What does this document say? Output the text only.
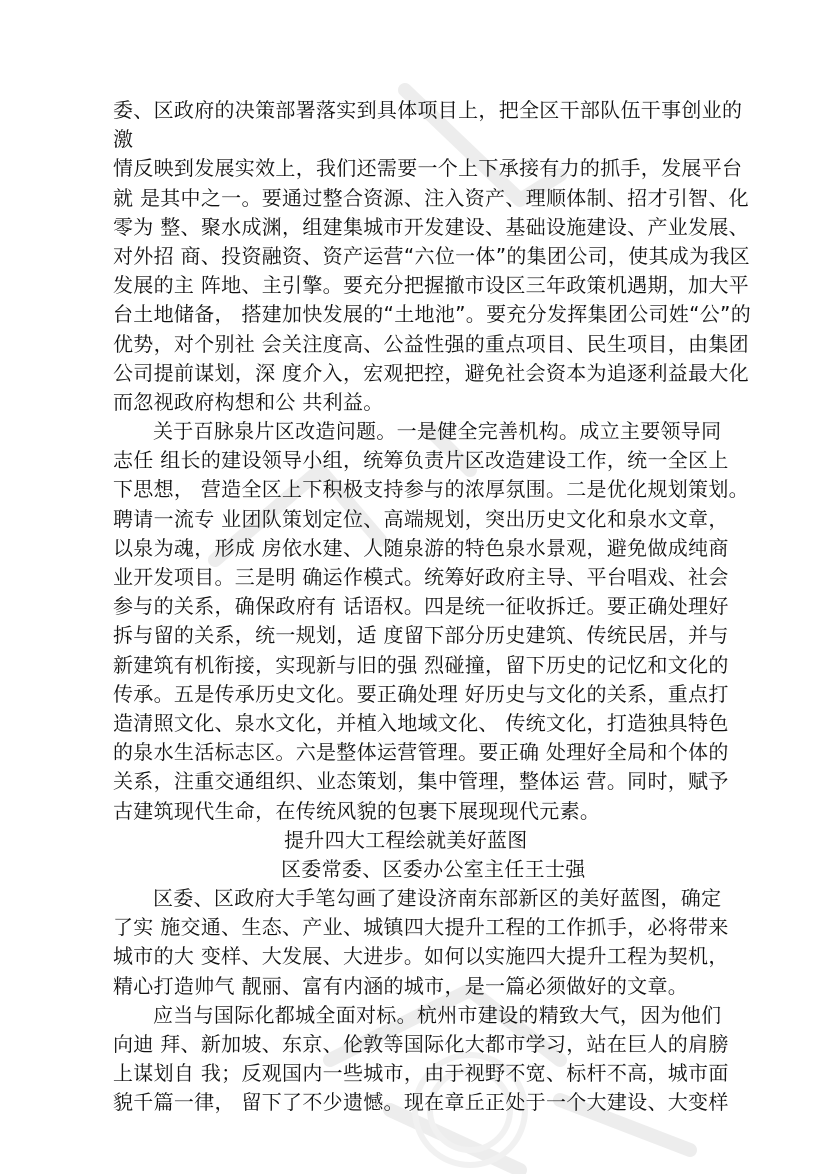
委、区政府的决策部署落实到具体项目上，把全区干部队伍干事创业的
激
情反映到发展实效上，我们还需要一个上下承接有力的抓手，发展平台
就 是其中之一。要通过整合资源、注入资产、理顺体制、招才引智、化
零为 整、聚水成渊，组建集城市开发建设、基础设施建设、产业发展、
对外招 商、投资融资、资产运营“六位一体”的集团公司，使其成为我区
发展的主 阵地、主引擎。要充分把握撤市设区三年政策机遇期，加大平
台土地储备， 搭建加快发展的“土地池”。要充分发挥集团公司姓“公”的
优势，对个别社 会关注度高、公益性强的重点项目、民生项目，由集团
公司提前谋划，深 度介入，宏观把控，避免社会资本为追逐利益最大化
而忽视政府构想和公 共利益。
关于百脉泉片区改造问题。一是健全完善机构。成立主要领导同
志任 组长的建设领导小组，统筹负责片区改造建设工作，统一全区上
下思想， 营造全区上下积极支持参与的浓厚氛围。二是优化规划策划。
聘请一流专 业团队策划定位、高端规划，突出历史文化和泉水文章，
以泉为魂，形成 房依水建、人随泉游的特色泉水景观，避免做成纯商
业开发项目。三是明 确运作模式。统筹好政府主导、平台唱戏、社会
参与的关系，确保政府有 话语权。四是统一征收拆迁。要正确处理好
拆与留的关系，统一规划，适 度留下部分历史建筑、传统民居，并与
新建筑有机衔接，实现新与旧的强 烈碰撞，留下历史的记忆和文化的
传承。五是传承历史文化。要正确处理 好历史与文化的关系，重点打
造清照文化、泉水文化，并植入地域文化、 传统文化，打造独具特色
的泉水生活标志区。六是整体运营管理。要正确 处理好全局和个体的
关系，注重交通组织、业态策划，集中管理，整体运 营。同时，赋予
古建筑现代生命，在传统风貌的包裹下展现现代元素。
提升四大工程绘就美好蓝图
区委常委、区委办公室主任王士强
区委、区政府大手笔勾画了建设济南东部新区的美好蓝图，确定
了实 施交通、生态、产业、城镇四大提升工程的工作抓手，必将带来
城市的大 变样、大发展、大进步。如何以实施四大提升工程为契机，
精心打造帅气 靓丽、富有内涵的城市，是一篇必须做好的文章。
应当与国际化都城全面对标。杭州市建设的精致大气，因为他们
向迪 拜、新加坡、东京、伦敦等国际化大都市学习，站在巨人的肩膀
上谋划自 我；反观国内一些城市，由于视野不宽、标杆不高，城市面
貌千篇一律， 留下了不少遗憾。现在章丘正处于一个大建设、大变样
